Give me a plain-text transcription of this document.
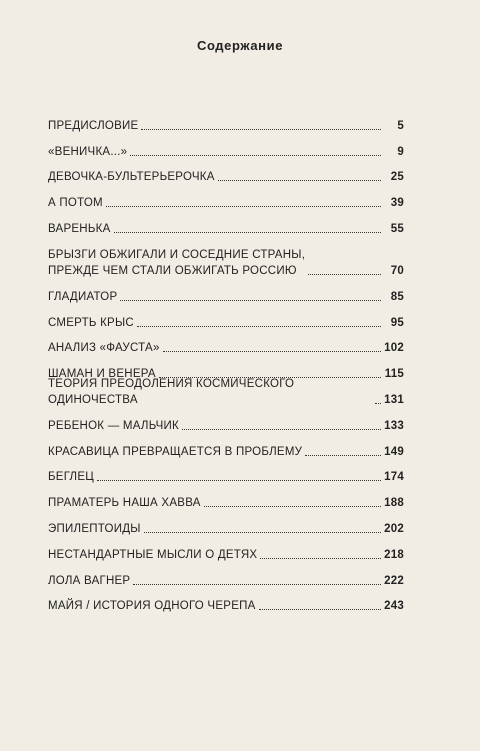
Содержание
ПРЕДИСЛОВИЕ	5
«ВЕНИЧКА...»	9
ДЕВОЧКА-БУЛЬТЕРЬЕРОЧКА	25
А ПОТОМ	39
ВАРЕНЬКА	55
БРЫЗГИ ОБЖИГАЛИ И СОСЕДНИЕ СТРАНЫ,
ПРЕЖДЕ ЧЕМ СТАЛИ ОБЖИГАТЬ РОССИЮ	70
ГЛАДИАТОР	85
СМЕРТЬ КРЫС	95
АНАЛИЗ «ФАУСТА»	102
ШАМАН И ВЕНЕРА	115
ТЕОРИЯ ПРЕОДОЛЕНИЯ КОСМИЧЕСКОГО ОДИНОЧЕСТВА	131
РЕБЕНОК — МАЛЬЧИК	133
КРАСАВИЦА ПРЕВРАЩАЕТСЯ В ПРОБЛЕМУ	149
БЕГЛЕЦ	174
ПРАМАТЕРЬ НАША ХАВВА	188
ЭПИЛЕПТОИДЫ	202
НЕСТАНДАРТНЫЕ МЫСЛИ О ДЕТЯХ	218
ЛОЛА ВАГНЕР	222
МАЙЯ / ИСТОРИЯ ОДНОГО ЧЕРЕПА	243
